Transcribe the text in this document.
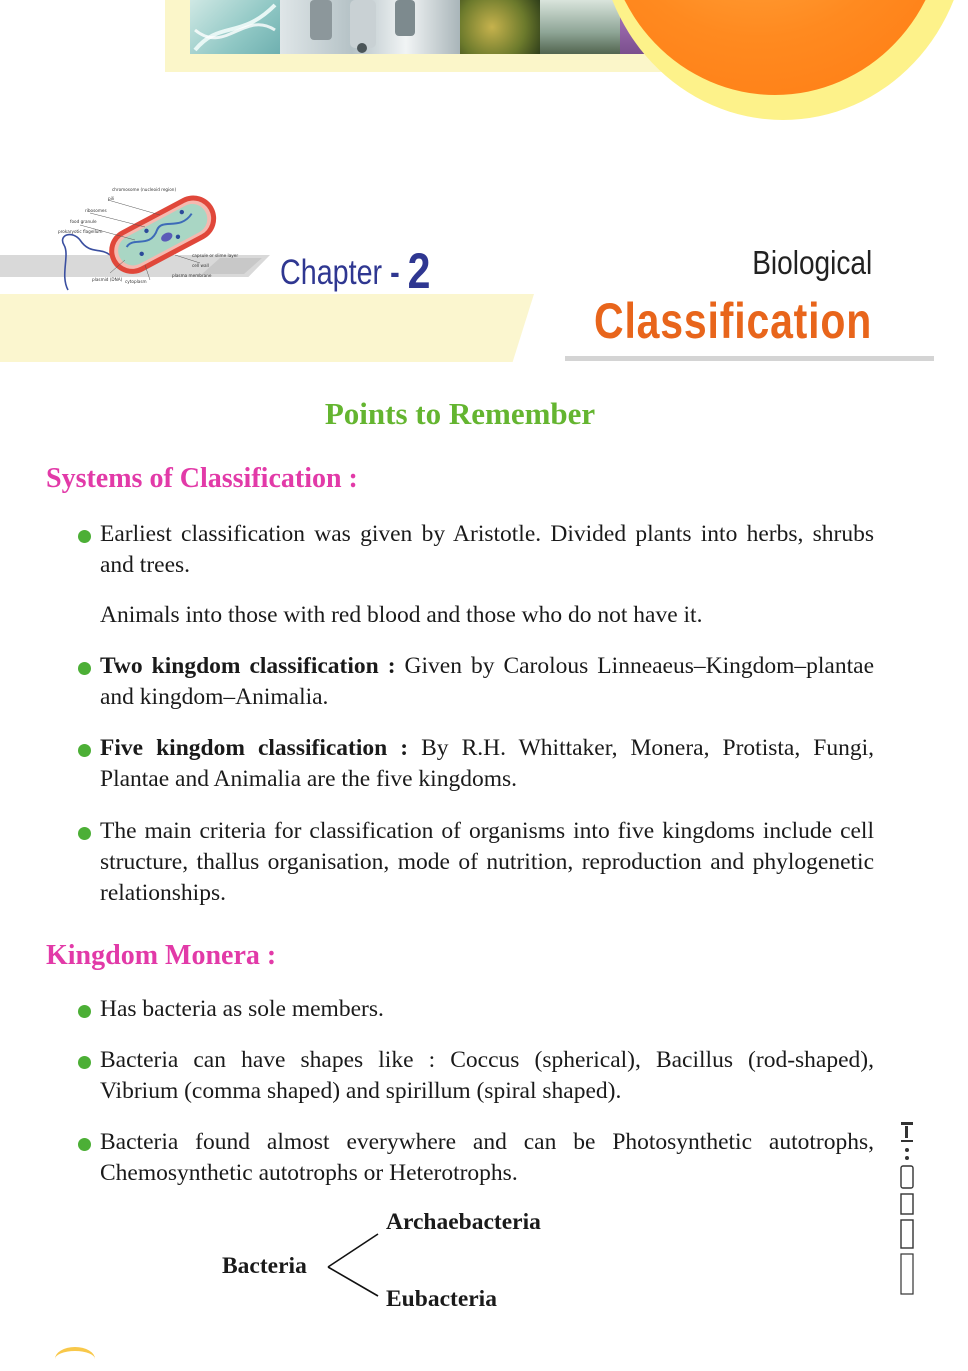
chromosome (nucleoid region)
pili
ribosomes
food granule
prokaryotic flagellum
capsule or slime layer
cell wall
plasma membrane
plasmid (DNA) cytoplasm	Chapter - 2	Biological
Classification
Points to Remember
Systems of Classification :
Earliest classification was given by Aristotle. Divided plants into herbs, shrubs and trees.
Animals into those with red blood and those who do not have it.
Two kingdom classification : Given by Carolous Linneaeus–Kingdom–plantae and kingdom–Animalia.
Five kingdom classification : By R.H. Whittaker, Monera, Protista, Fungi, Plantae and Animalia are the five kingdoms.
The main criteria for classification of organisms into five kingdoms include cell structure, thallus organisation, mode of nutrition, reproduction and phylogenetic relationships.
Kingdom Monera :
Has bacteria as sole members.
Bacteria can have shapes like : Coccus (spherical), Bacillus (rod-shaped), Vibrium (comma shaped) and spirillum (spiral shaped).
Bacteria found almost everywhere and can be Photosynthetic autotrophs, Chemosynthetic autotrophs or Heterotrophs.
Bacteria
Archaebacteria
Eubacteria
